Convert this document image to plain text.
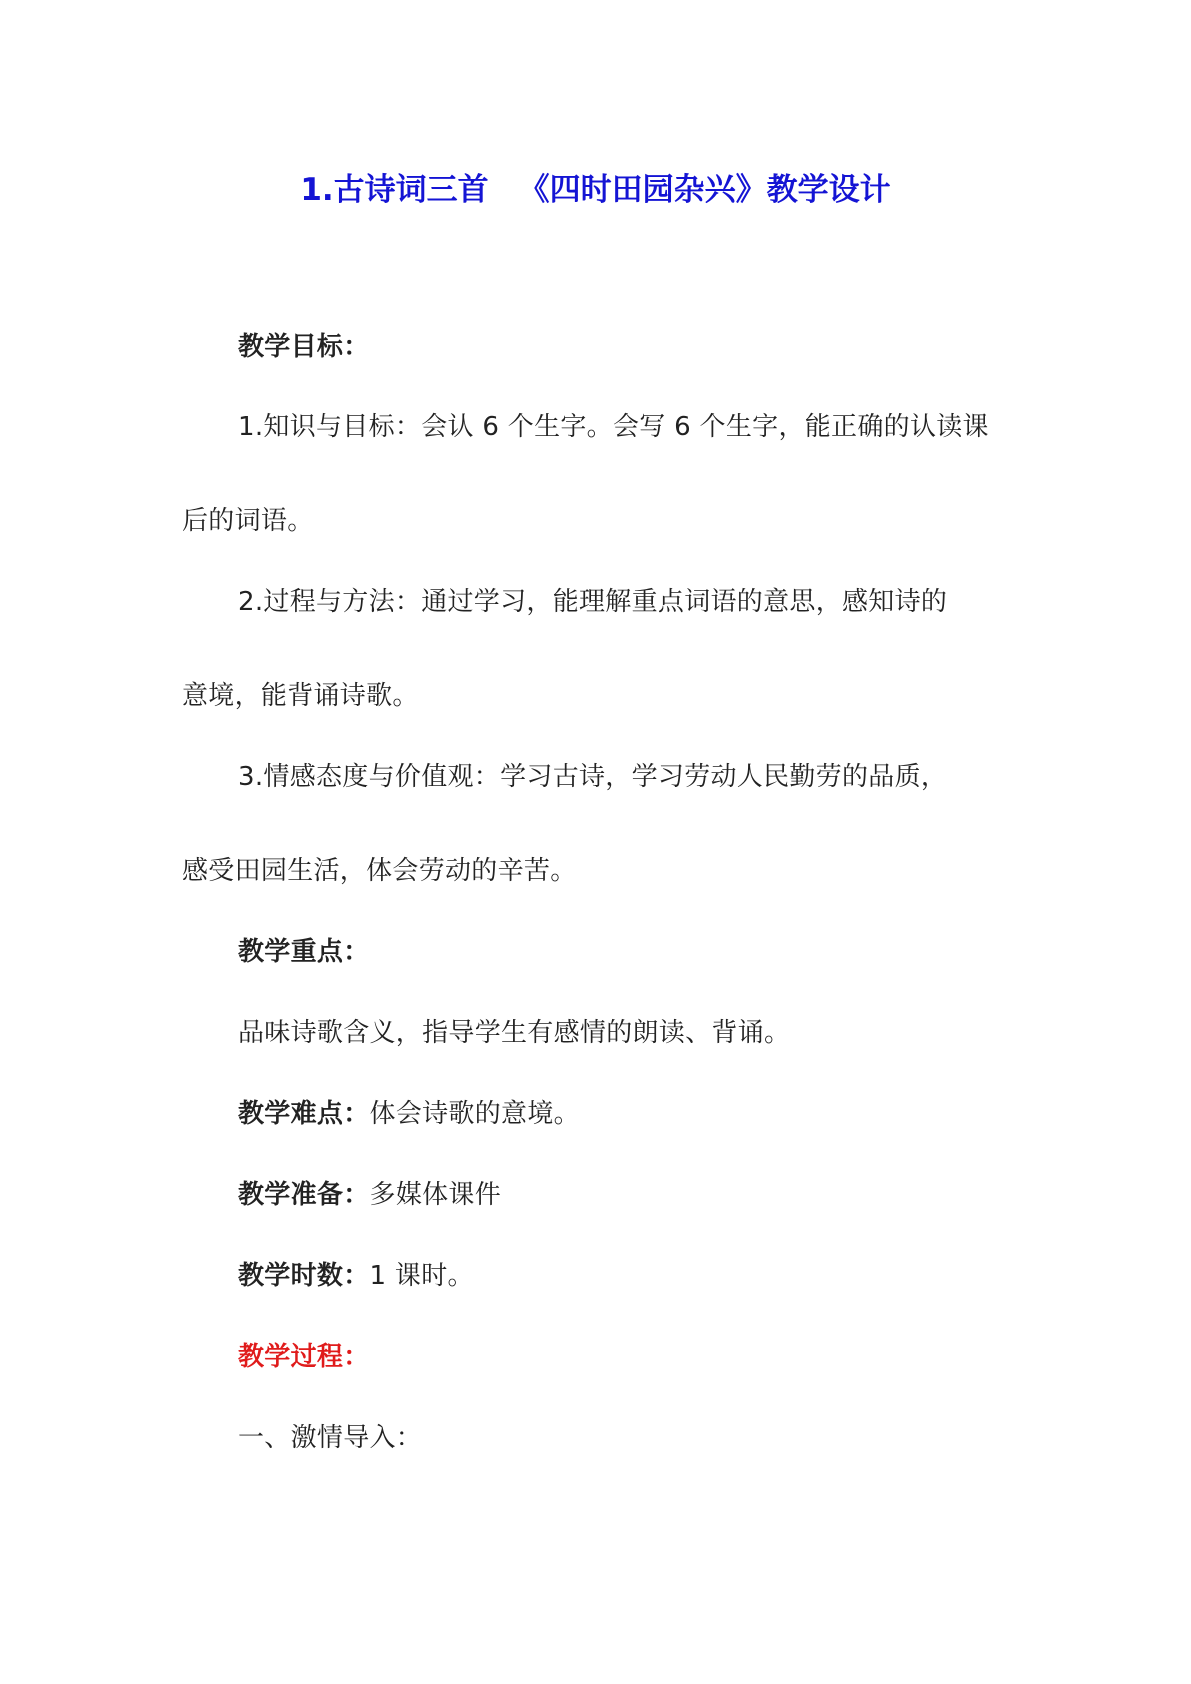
1.古诗词三首 《四时田园杂兴》教学设计
教学目标：
1.知识与目标：会认 6 个生字。会写 6 个生字，能正确的认读课
后的词语。
2.过程与方法：通过学习，能理解重点词语的意思，感知诗的
意境，能背诵诗歌。
3.情感态度与价值观：学习古诗，学习劳动人民勤劳的品质，
感受田园生活，体会劳动的辛苦。
教学重点：
品味诗歌含义，指导学生有感情的朗读、背诵。
教学难点：体会诗歌的意境。
教学准备：多媒体课件
教学时数：1 课时。
教学过程：
一、激情导入：
